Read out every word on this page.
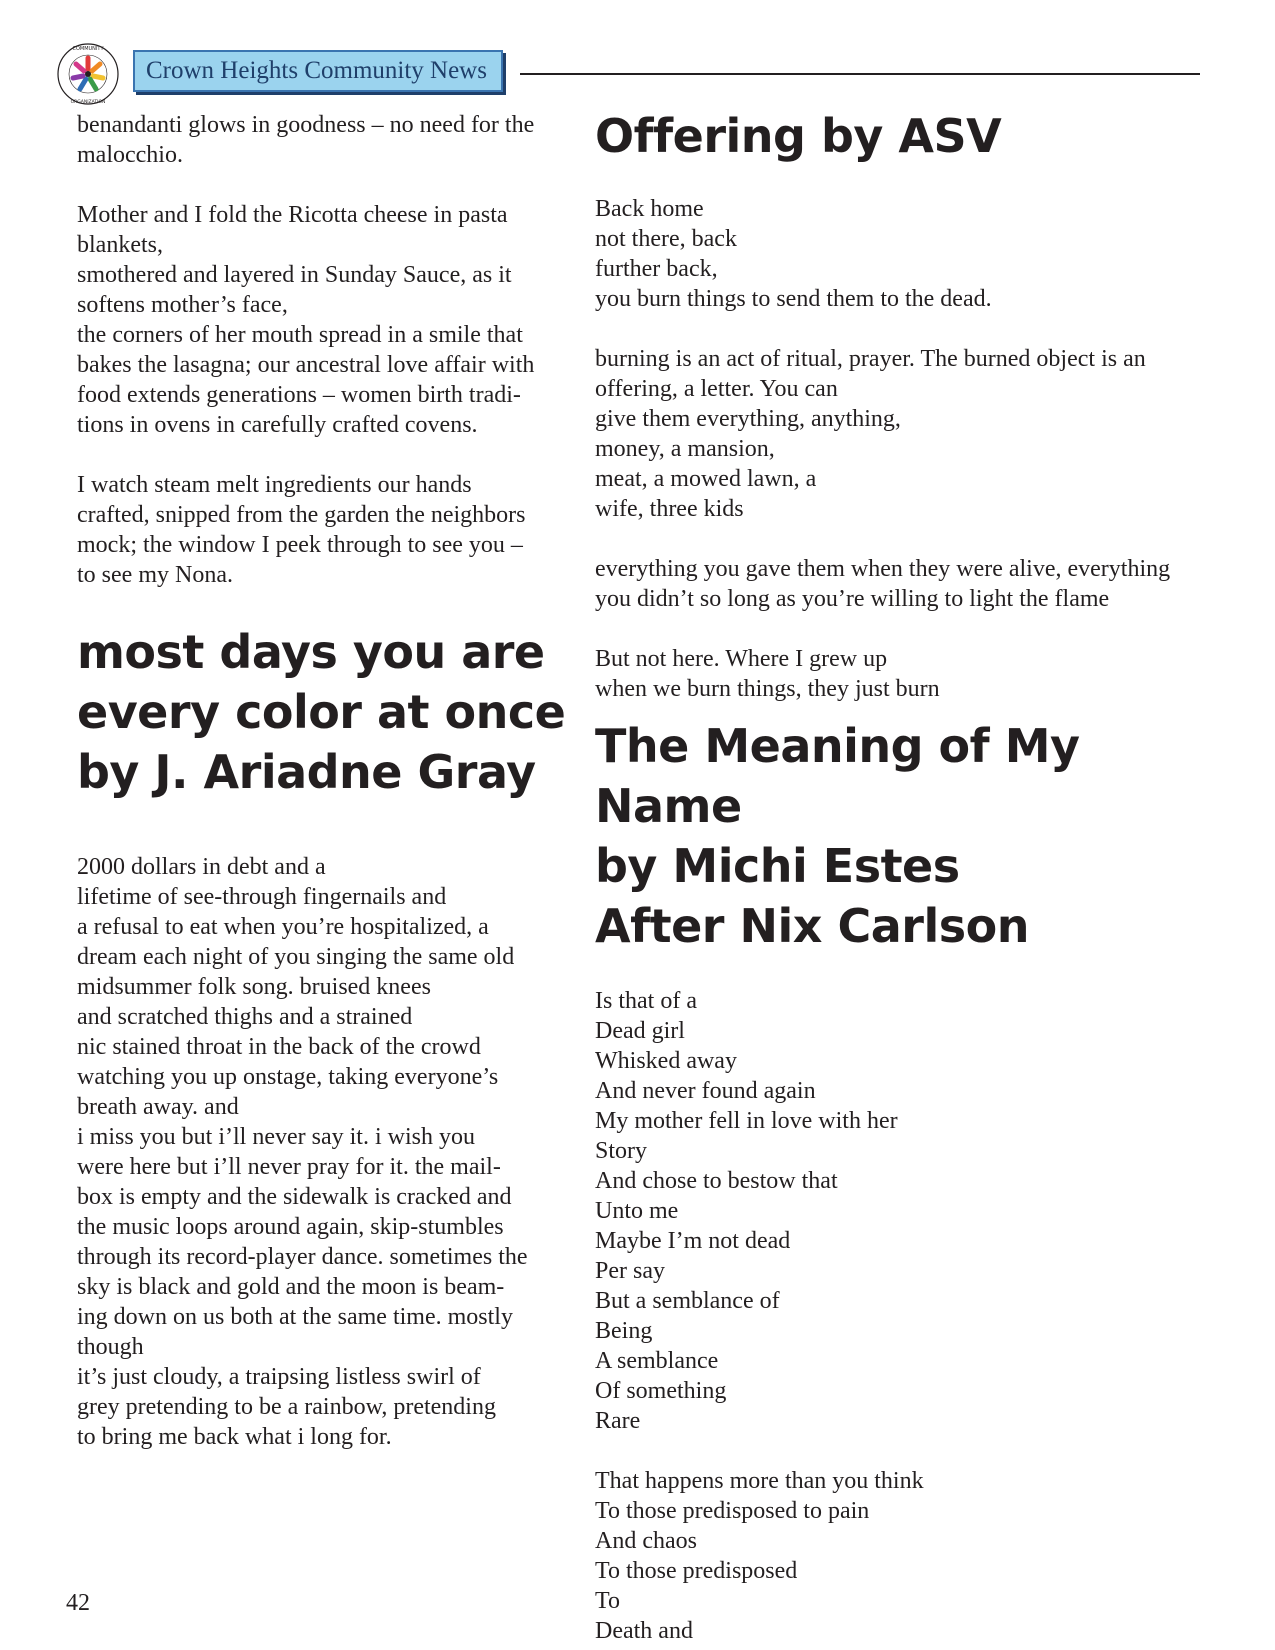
COMMUNITY
ORGANIZATION
Crown Heights Community News

benandanti glows in goodness – no need for the
malocchio.

Mother and I fold the Ricotta cheese in pasta
blankets,
smothered and layered in Sunday Sauce, as it
softens mother’s face,
the corners of her mouth spread in a smile that
bakes the lasagna; our ancestral love affair with
food extends generations – women birth tradi-
tions in ovens in carefully crafted covens.

I watch steam melt ingredients our hands
crafted, snipped from the garden the neighbors
mock; the window I peek through to see you –
to see my Nona.

most days you are
every color at once
by J. Ariadne Gray

2000 dollars in debt and a
lifetime of see-through fingernails and
a refusal to eat when you’re hospitalized, a
dream each night of you singing the same old
midsummer folk song. bruised knees
and scratched thighs and a strained
nic stained throat in the back of the crowd
watching you up onstage, taking everyone’s
breath away. and
i miss you but i’ll never say it. i wish you
were here but i’ll never pray for it. the mail-
box is empty and the sidewalk is cracked and
the music loops around again, skip-stumbles
through its record-player dance. sometimes the
sky is black and gold and the moon is beam-
ing down on us both at the same time. mostly
though
it’s just cloudy, a traipsing listless swirl of
grey pretending to be a rainbow, pretending
to bring me back what i long for.

Offering by ASV

Back home
not there, back
further back,
you burn things to send them to the dead.

burning is an act of ritual, prayer. The burned object is an
offering, a letter. You can
give them everything, anything,
money, a mansion,
meat, a mowed lawn, a
wife, three kids

everything you gave them when they were alive, everything
you didn’t so long as you’re willing to light the flame

But not here. Where I grew up
when we burn things, they just burn

The Meaning of My Name
by Michi Estes
After Nix Carlson

Is that of a
Dead girl
Whisked away
And never found again
My mother fell in love with her
Story
And chose to bestow that
Unto me
Maybe I’m not dead
Per say
But a semblance of
Being
A semblance
Of something
Rare

That happens more than you think
To those predisposed to pain
And chaos
To those predisposed
To
Death and

42
